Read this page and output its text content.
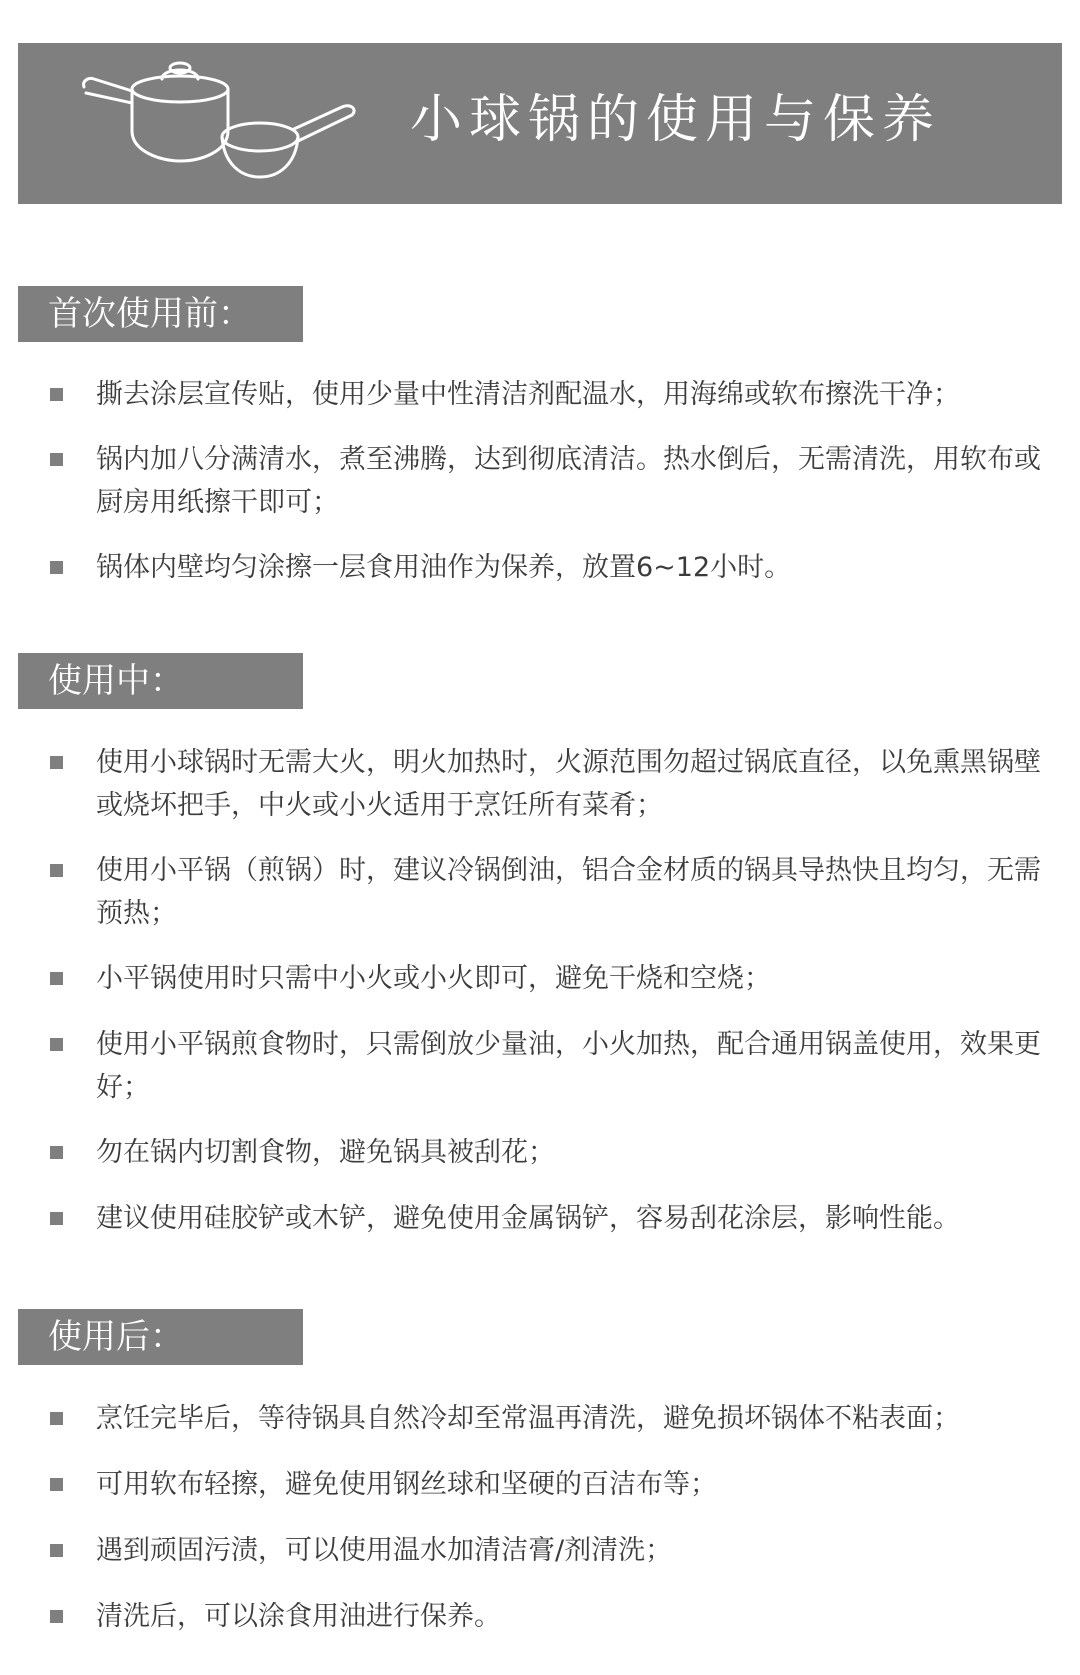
小球锅的使用与保养
首次使用前：
撕去涂层宣传贴，使用少量中性清洁剂配温水，用海绵或软布擦洗干净；
锅内加八分满清水，煮至沸腾，达到彻底清洁。热水倒后，无需清洗，用软布或厨房用纸擦干即可；
锅体内壁均匀涂擦一层食用油作为保养，放置6~12小时。
使用中：
使用小球锅时无需大火，明火加热时，火源范围勿超过锅底直径，以免熏黑锅壁或烧坏把手，中火或小火适用于烹饪所有菜肴；
使用小平锅（煎锅）时，建议冷锅倒油，铝合金材质的锅具导热快且均匀，无需预热；
小平锅使用时只需中小火或小火即可，避免干烧和空烧；
使用小平锅煎食物时，只需倒放少量油，小火加热，配合通用锅盖使用，效果更好；
勿在锅内切割食物，避免锅具被刮花；
建议使用硅胶铲或木铲，避免使用金属锅铲，容易刮花涂层，影响性能。
使用后：
烹饪完毕后，等待锅具自然冷却至常温再清洗，避免损坏锅体不粘表面；
可用软布轻擦，避免使用钢丝球和坚硬的百洁布等；
遇到顽固污渍，可以使用温水加清洁膏/剂清洗；
清洗后，可以涂食用油进行保养。
